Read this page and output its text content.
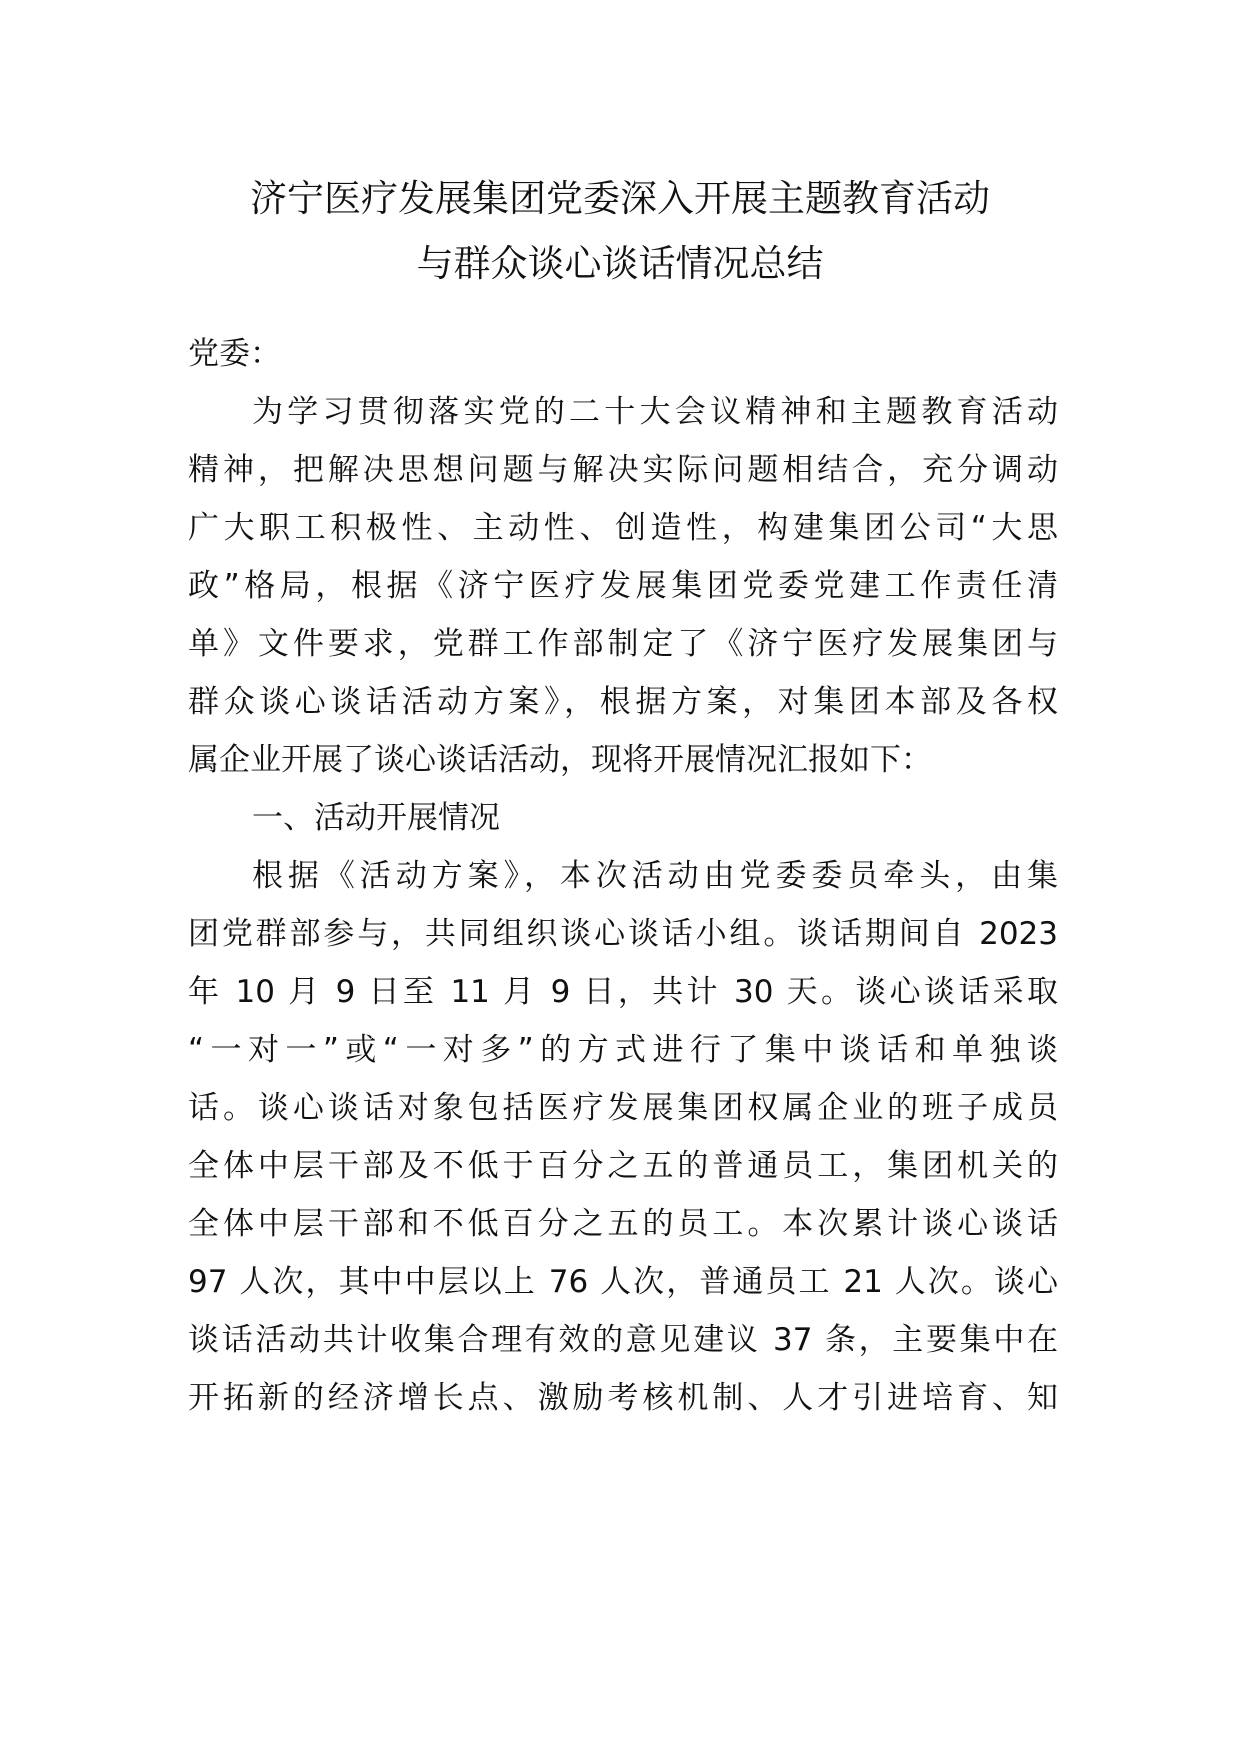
济宁医疗发展集团党委深入开展主题教育活动
与群众谈心谈话情况总结
党委：
为学习贯彻落实党的二十大会议精神和主题教育活动
精神，把解决思想问题与解决实际问题相结合，充分调动
广大职工积极性、主动性、创造性，构建集团公司“大思
政”格局，根据《济宁医疗发展集团党委党建工作责任清
单》文件要求，党群工作部制定了《济宁医疗发展集团与
群众谈心谈话活动方案》，根据方案，对集团本部及各权
属企业开展了谈心谈话活动，现将开展情况汇报如下：
一、活动开展情况
根据《活动方案》，本次活动由党委委员牵头，由集
团党群部参与，共同组织谈心谈话小组。谈话期间自 2023
年 10 月 9 日至 11 月 9 日，共计 30 天。谈心谈话采取
“一对一”或“一对多”的方式进行了集中谈话和单独谈
话。谈心谈话对象包括医疗发展集团权属企业的班子成员
全体中层干部及不低于百分之五的普通员工，集团机关的
全体中层干部和不低百分之五的员工。本次累计谈心谈话
97 人次，其中中层以上 76 人次，普通员工 21 人次。谈心
谈话活动共计收集合理有效的意见建议 37 条，主要集中在
开拓新的经济增长点、激励考核机制、人才引进培育、知
